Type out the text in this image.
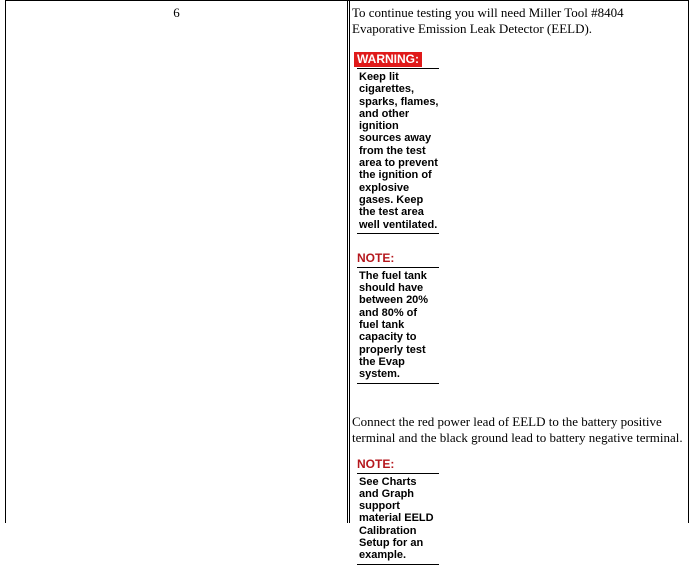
6	To continue testing you will need Miller Tool #8404 Evaporative Emission Leak Detector (EELD).
WARNING:
Keep lit cigarettes, sparks, flames, and other ignition sources away from the test area to prevent the ignition of explosive gases. Keep the test area well ventilated.
NOTE:
The fuel tank should have between 20% and 80% of fuel tank capacity to properly test the Evap system.
Connect the red power lead of EELD to the battery positive terminal and the black ground lead to battery negative terminal.
NOTE:
See Charts and Graph support material EELD Calibration Setup for an example.
